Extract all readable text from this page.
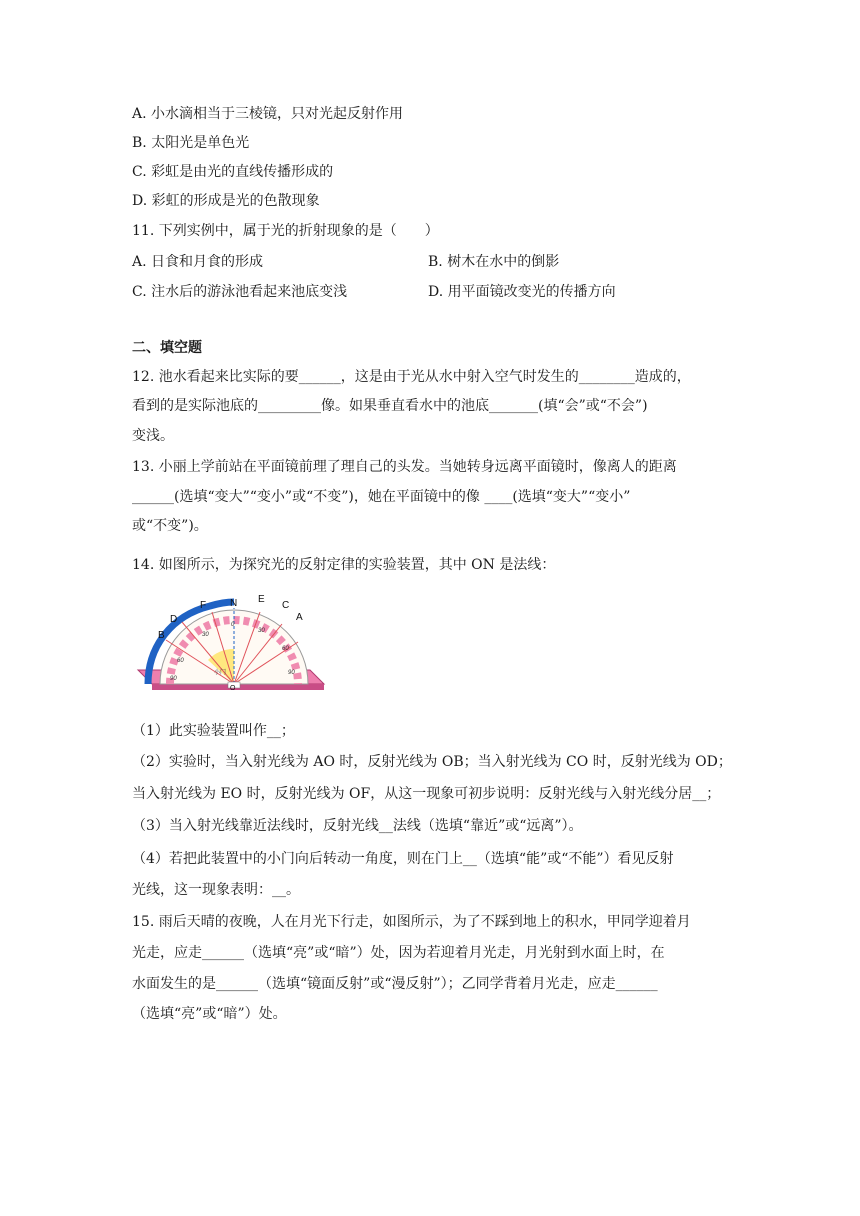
A. 小水滴相当于三棱镜，只对光起反射作用
B. 太阳光是单色光
C. 彩虹是由光的直线传播形成的
D. 彩虹的形成是光的色散现象
11. 下列实例中，属于光的折射现象的是（　　）
A. 日食和月食的形成	B. 树木在水中的倒影
C. 注水后的游泳池看起来池底变浅	D. 用平面镜改变光的传播方向
二、填空题
12. 池水看起来比实际的要______，这是由于光从水中射入空气时发生的________造成的，
看到的是实际池底的_________像。如果垂直看水中的池底_______(填“会”或“不会”)
变浅。
13. 小丽上学前站在平面镜前理了理自己的头发。当她转身远离平面镜时，像离人的距离
______(选填“变大”“变小”或“不变”)，她在平面镜中的像 ____(选填“变大”“变小”
或“不变”)。
14. 如图所示，为探究光的反射定律的实验装置，其中 ON 是法线：
B
D
F N E
C
A
O
30
60
90
0
30
60
90
小门
（1）此实验装置叫作__；
（2）实验时，当入射光线为 AO 时，反射光线为 OB；当入射光线为 CO 时，反射光线为 OD；
当入射光线为 EO 时，反射光线为 OF，从这一现象可初步说明：反射光线与入射光线分居__；
（3）当入射光线靠近法线时，反射光线__法线（选填“靠近”或“远离”）。
（4）若把此装置中的小门向后转动一角度，则在门上__（选填“能”或“不能”）看见反射
光线，这一现象表明：__。
15. 雨后天晴的夜晚，人在月光下行走，如图所示，为了不踩到地上的积水，甲同学迎着月
光走，应走______（选填“亮”或“暗”）处，因为若迎着月光走，月光射到水面上时，在
水面发生的是______（选填“镜面反射”或“漫反射”）；乙同学背着月光走，应走______
（选填“亮”或“暗”）处。
